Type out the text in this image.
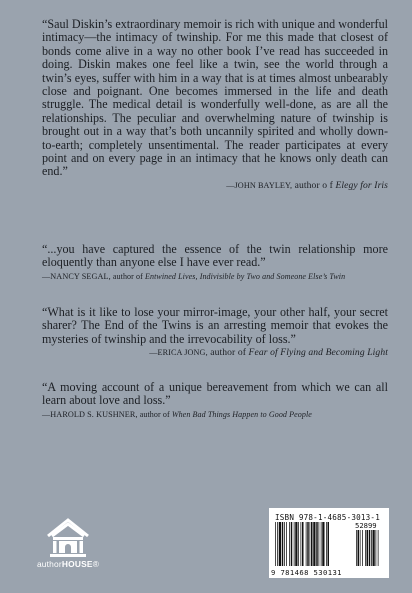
“Saul Diskin’s extraordinary memoir is rich with unique and wonderful intimacy—the intimacy of twinship. For me this made that closest of bonds come alive in a way no other book I’ve read has succeeded in doing. Diskin makes one feel like a twin, see the world through a twin’s eyes, suffer with him in a way that is at times almost unbearably close and poignant. One becomes immersed in the life and death struggle. The medical detail is wonderfully well-done, as are all the relationships. The peculiar and overwhelming nature of twinship is brought out in a way that’s both uncannily spirited and wholly down-to-earth; completely unsentimental. The reader participates at every point and on every page in an intimacy that he knows only death can end.”

—JOHN BAYLEY, author o f Elegy for Iris

“...you have captured the essence of the twin relationship more eloquently than anyone else I have ever read.”

—NANCY SEGAL, author of Entwined Lives, Indivisible by Two and Someone Else’s Twin

“What is it like to lose your mirror-image, your other half, your secret sharer? The End of the Twins is an arresting memoir that evokes the mysteries of twinship and the irrevocability of loss.”

—ERICA JONG, author of Fear of Flying and Becoming Light

“A moving account of a unique bereavement from which we can all learn about love and loss.”

—HAROLD S. KUSHNER, author of When Bad Things Happen to Good People
authorHOUSE®
ISBN 978-1-4685-3013-1
52899
9 781468 530131
